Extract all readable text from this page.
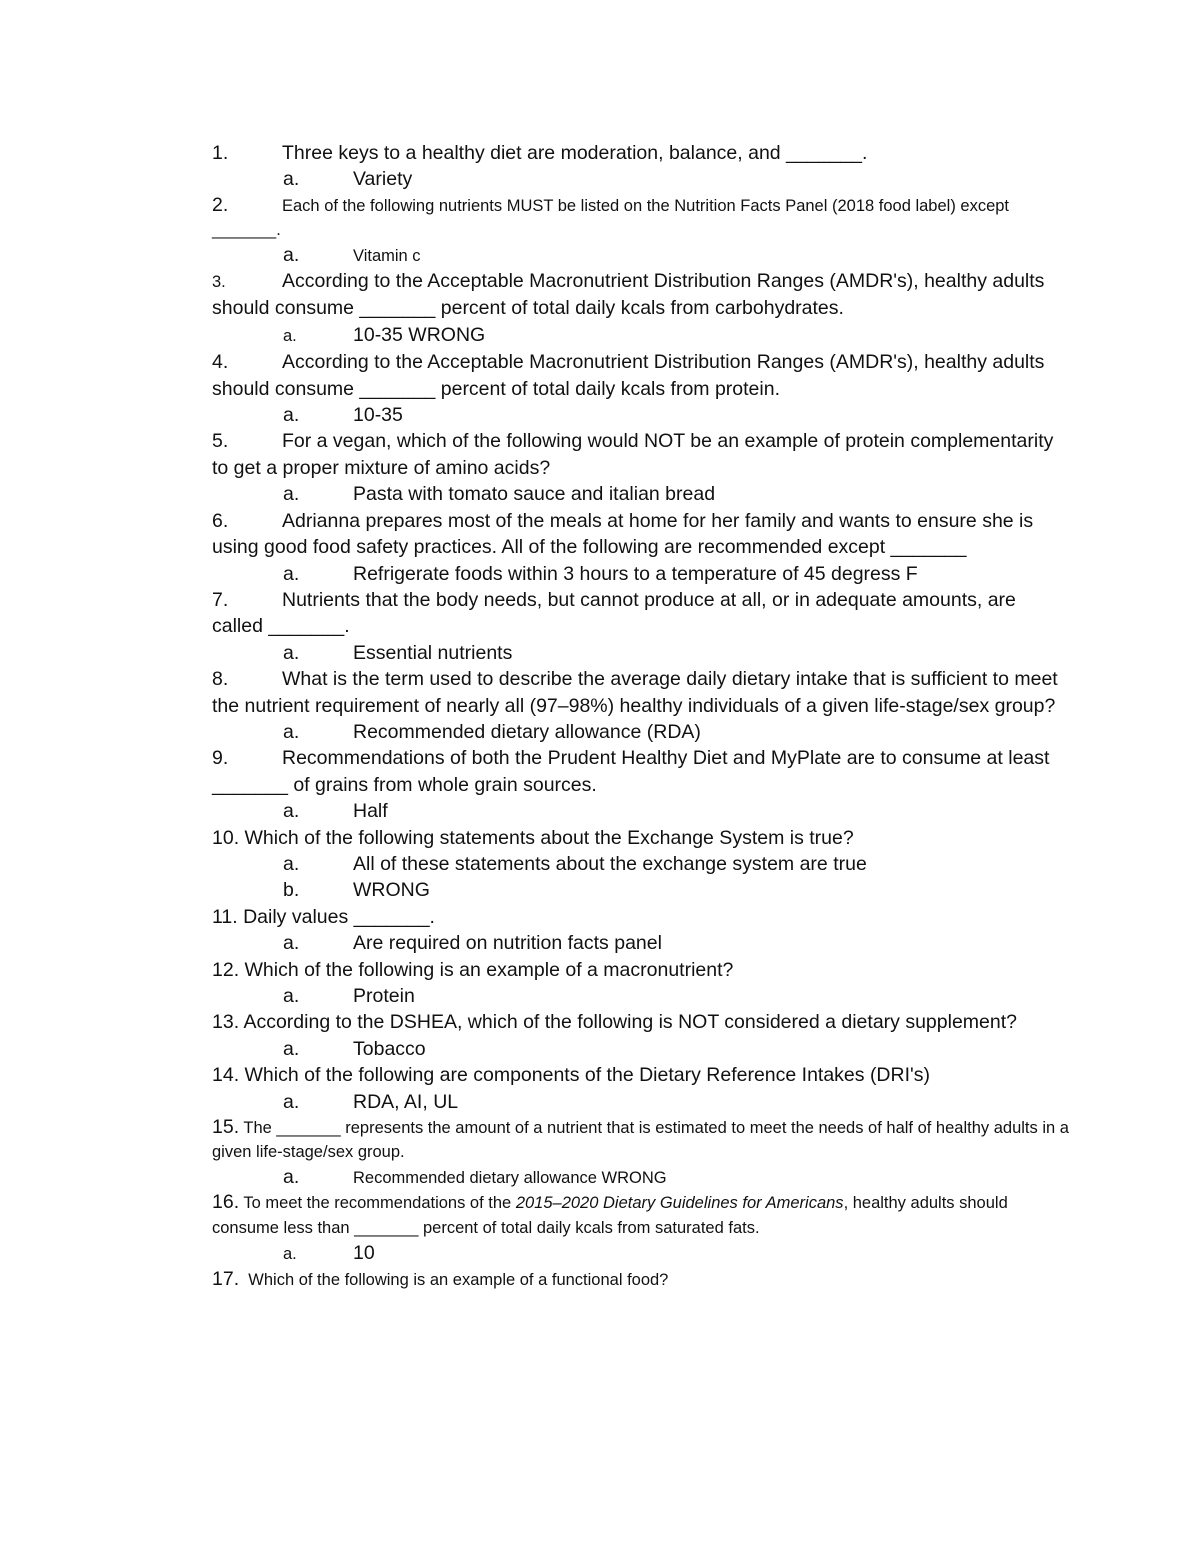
1.	Three keys to a healthy diet are moderation, balance, and _______.
a.	Variety
2.	Each of the following nutrients MUST be listed on the Nutrition Facts Panel (2018 food label) except _______.
a.	Vitamin c
3.	According to the Acceptable Macronutrient Distribution Ranges (AMDR's), healthy adults should consume _______ percent of total daily kcals from carbohydrates.
a.	10-35 WRONG
4.	According to the Acceptable Macronutrient Distribution Ranges (AMDR's), healthy adults should consume _______ percent of total daily kcals from protein.
a.	10-35
5.	For a vegan, which of the following would NOT be an example of protein complementarity to get a proper mixture of amino acids?
a.	Pasta with tomato sauce and italian bread
6.	Adrianna prepares most of the meals at home for her family and wants to ensure she is using good food safety practices. All of the following are recommended except _______
a.	Refrigerate foods within 3 hours to a temperature of 45 degress F
7.	Nutrients that the body needs, but cannot produce at all, or in adequate amounts, are called _______.
a.	Essential nutrients
8.	What is the term used to describe the average daily dietary intake that is sufficient to meet the nutrient requirement of nearly all (97–98%) healthy individuals of a given life-stage/sex group?
a.	Recommended dietary allowance (RDA)
9.	Recommendations of both the Prudent Healthy Diet and MyPlate are to consume at least _______ of grains from whole grain sources.
a.	Half
10. Which of the following statements about the Exchange System is true?
a.	All of these statements about the exchange system are true
b.	WRONG
11. Daily values _______.
a.	Are required on nutrition facts panel
12. Which of the following is an example of a macronutrient?
a.	Protein
13. According to the DSHEA, which of the following is NOT considered a dietary supplement?
a.	Tobacco
14. Which of the following are components of the Dietary Reference Intakes (DRI's)
a.	RDA, AI, UL
15. The _______ represents the amount of a nutrient that is estimated to meet the needs of half of healthy adults in a given life-stage/sex group.
a.	Recommended dietary allowance WRONG
16. To meet the recommendations of the 2015–2020 Dietary Guidelines for Americans, healthy adults should consume less than _______ percent of total daily kcals from saturated fats.
a.	10
17. Which of the following is an example of a functional food?
